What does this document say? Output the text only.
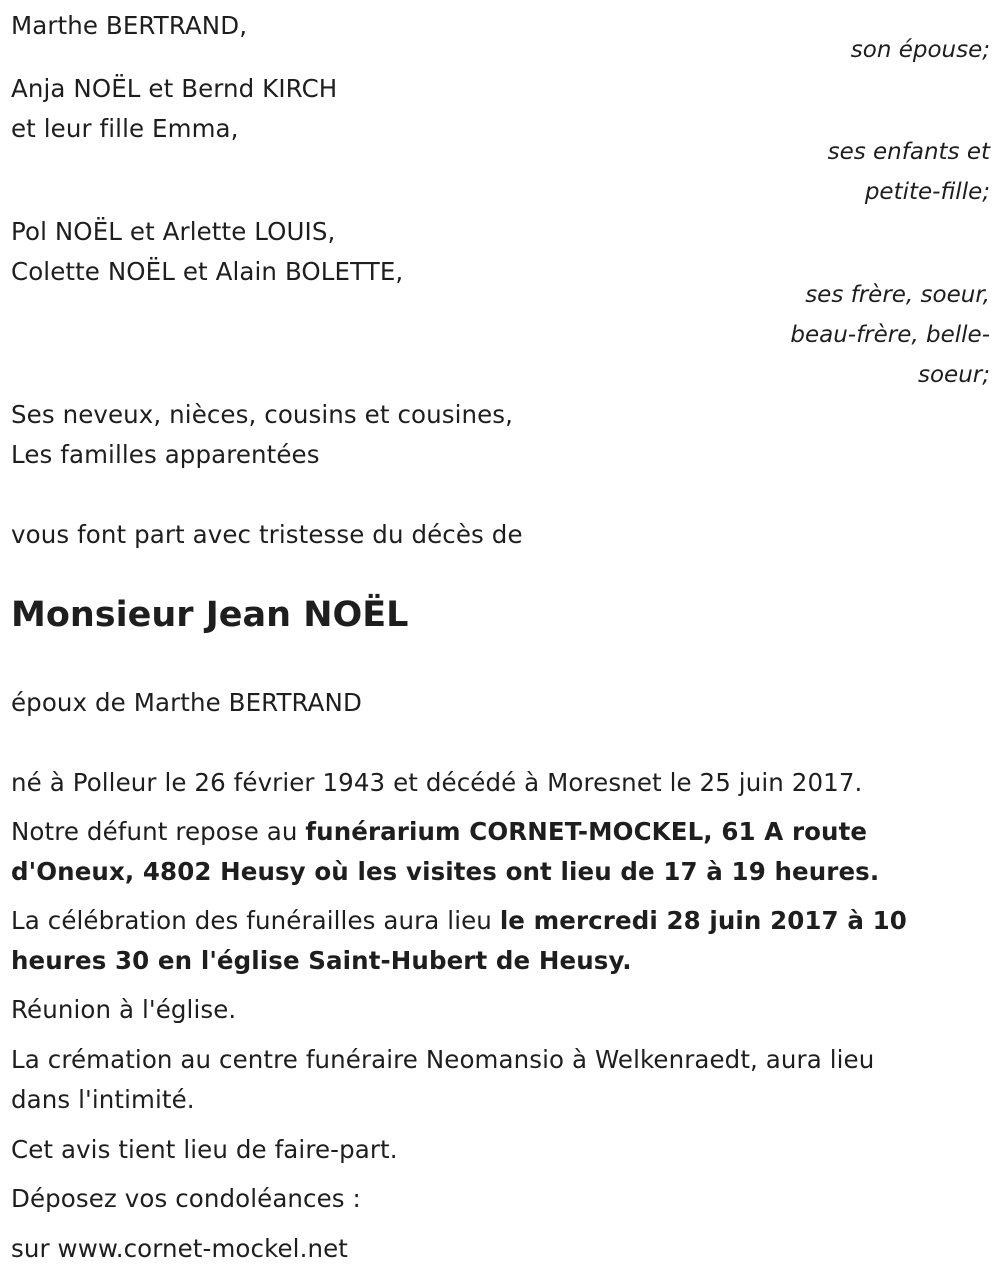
Marthe BERTRAND,

son épouse;

Anja NOËL et Bernd KIRCH

et leur fille Emma,

ses enfants et

petite-fille;

Pol NOËL et Arlette LOUIS,

Colette NOËL et Alain BOLETTE,

ses frère, soeur,

beau-frère, belle-

soeur;

Ses neveux, nièces, cousins et cousines,

Les familles apparentées

vous font part avec tristesse du décès de

Monsieur Jean NOËL

époux de Marthe BERTRAND

né à Polleur le 26 février 1943 et décédé à Moresnet le 25 juin 2017.

Notre défunt repose au funérarium CORNET-MOCKEL, 61 A route

d'Oneux, 4802 Heusy où les visites ont lieu de 17 à 19 heures.

La célébration des funérailles aura lieu le mercredi 28 juin 2017 à 10

heures 30 en l'église Saint-Hubert de Heusy.

Réunion à l'église.

La crémation au centre funéraire Neomansio à Welkenraedt, aura lieu

dans l'intimité.

Cet avis tient lieu de faire-part.

Déposez vos condoléances :

sur www.cornet-mockel.net
